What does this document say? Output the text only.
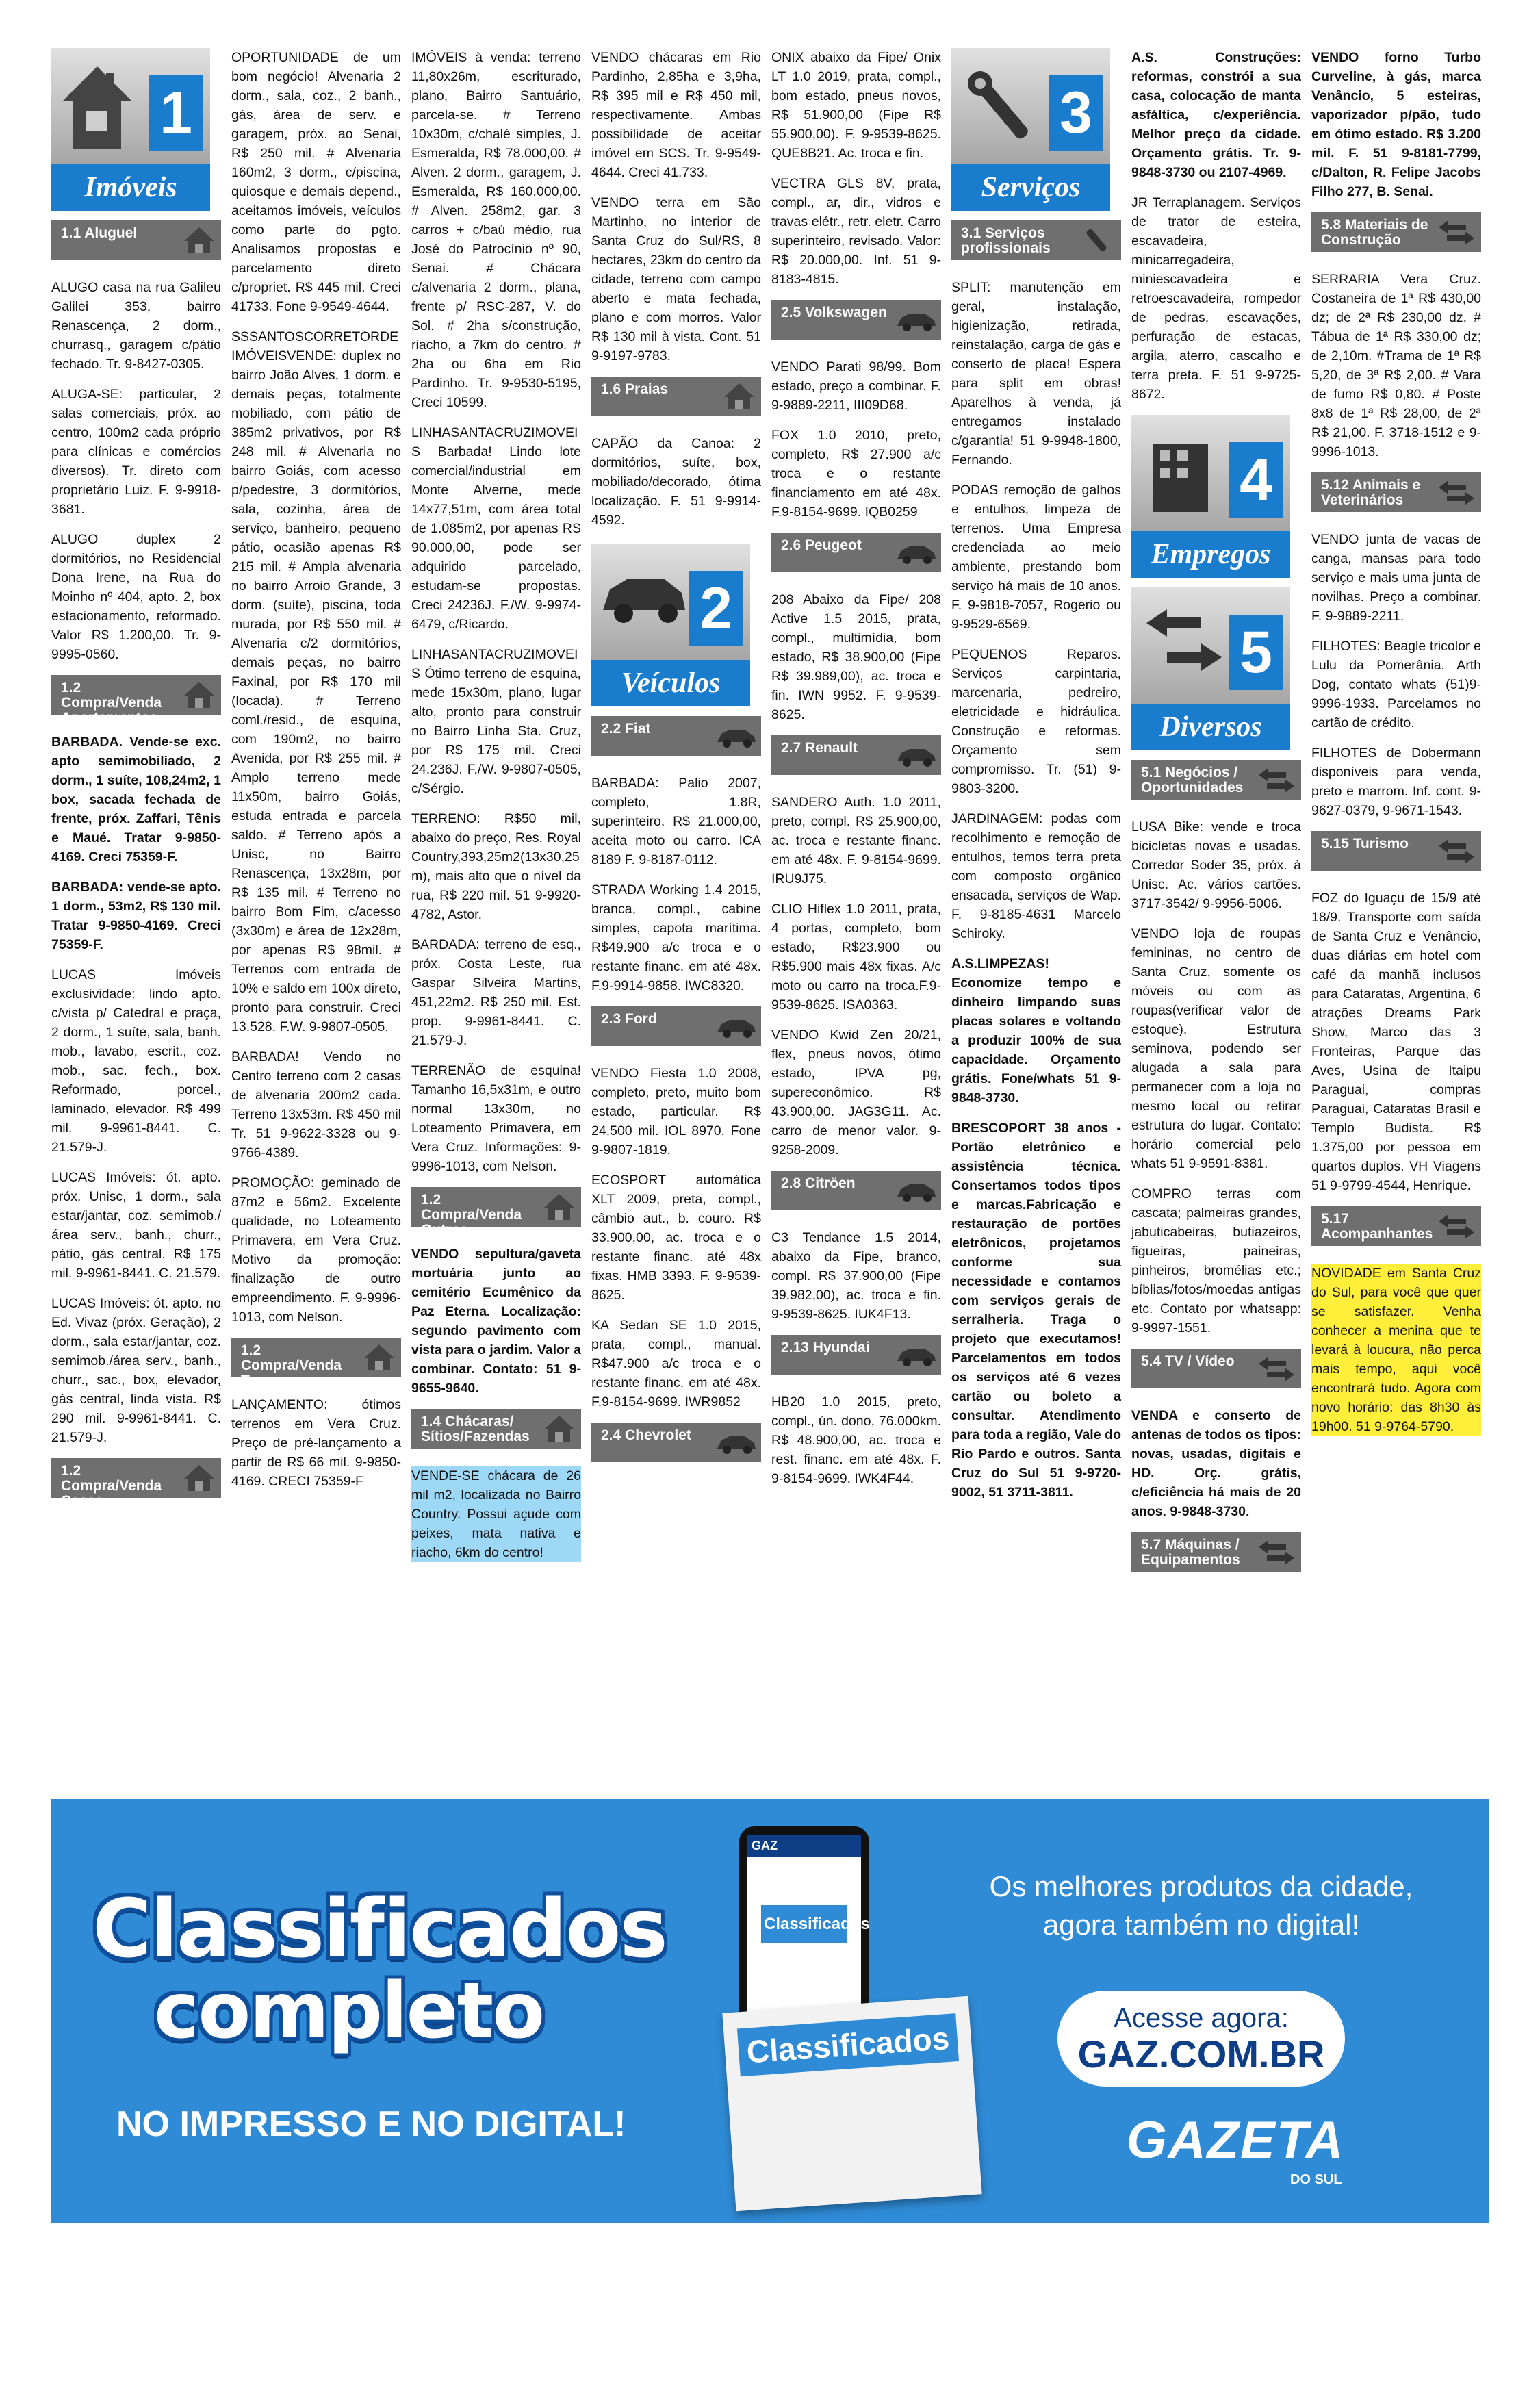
1
Imóveis
1.1 Aluguel

ALUGO casa na rua Galileu Galilei 353, bairro Renascença, 2 dorm., churrasq., garagem c/pátio fechado. Tr. 9-8427-0305.

ALUGA-SE: particular, 2 salas comerciais, próx. ao centro, 100m2 cada próprio para clínicas e comércios diversos). Tr. direto com proprietário Luiz. F. 9-9918-3681.

ALUGO duplex 2 dormitórios, no Residencial Dona Irene, na Rua do Moinho nº 404, apto. 2, box estacionamento, reformado. Valor R$ 1.200,00. Tr. 9-9995-0560.

1.2 Compra/Venda Apartamentos

BARBADA. Vende-se exc. apto semimobiliado, 2 dorm., 1 suíte, 108,24m2, 1 box, sacada fechada de frente, próx. Zaffari, Tênis e Maué. Tratar 9-9850-4169. Creci 75359-F.

BARBADA: vende-se apto. 1 dorm., 53m2, R$ 130 mil. Tratar 9-9850-4169. Creci 75359-F.

LUCAS Imóveis exclusividade: lindo apto. c/vista p/ Catedral e praça, 2 dorm., 1 suíte, sala, banh. mob., lavabo, escrit., coz. mob., sac. fech., box. Reformado, porcel., laminado, elevador. R$ 499 mil. 9-9961-8441. C. 21.579-J.

LUCAS Imóveis: ót. apto. próx. Unisc, 1 dorm., sala estar/jantar, coz. semimob./área serv., banh., churr., pátio, gás central. R$ 175 mil. 9-9961-8441. C. 21.579.

LUCAS Imóveis: ót. apto. no Ed. Vivaz (próx. Geração), 2 dorm., sala estar/jantar, coz. semimob./área serv., banh., churr., sac., box, elevador, gás central, linda vista. R$ 290 mil. 9-9961-8441. C. 21.579-J.

1.2 Compra/Venda Casas

OPORTUNIDADE de um bom negócio! Alvenaria 2 dorm., sala, coz., 2 banh., gás, área de serv. e garagem, próx. ao Senai, R$ 250 mil. # Alvenaria 160m2, 3 dorm., c/piscina, quiosque e demais depend., aceitamos imóveis, veículos como parte do pgto. Analisamos propostas e parcelamento direto c/propriet. R$ 445 mil. Creci 41733. Fone 9-9549-4644.

SSSANTOSCORRETORDEIMÓVEISVENDE: duplex no bairro João Alves, 1 dorm. e demais peças, totalmente mobiliado, com pátio de 385m2 privativos, por R$ 248 mil. # Alvenaria no bairro Goiás, com acesso p/pedestre, 3 dormitórios, sala, cozinha, área de serviço, banheiro, pequeno pátio, ocasião apenas R$ 215 mil. # Ampla alvenaria no bairro Arroio Grande, 3 dorm. (suíte), piscina, toda murada, por R$ 550 mil. # Alvenaria c/2 dormitórios, demais peças, no bairro Faxinal, por R$ 170 mil (locada). # Terreno coml./resid., de esquina, com 190m2, no bairro Avenida, por R$ 255 mil. # Amplo terreno mede 11x50m, bairro Goiás, estuda entrada e parcela saldo. # Terreno após a Unisc, no Bairro Renascença, 13x28m, por R$ 135 mil. # Terreno no bairro Bom Fim, c/acesso (3x30m) e área de 12x28m, por apenas R$ 98mil. # Terrenos com entrada de 10% e saldo em 100x direto, pronto para construir. Creci 13.528. F.W. 9-9807-0505.

BARBADA! Vendo no Centro terreno com 2 casas de alvenaria 200m2 cada. Terreno 13x53m. R$ 450 mil Tr. 51 9-9622-3328 ou 9-9766-4389.

PROMOÇÃO: geminado de 87m2 e 56m2. Excelente qualidade, no Loteamento Primavera, em Vera Cruz. Motivo da promoção: finalização de outro empreendimento. F. 9-9996-1013, com Nelson.

1.2 Compra/Venda Terrenos

LANÇAMENTO: ótimos terrenos em Vera Cruz. Preço de pré-lançamento a partir de R$ 66 mil. 9-9850-4169. CRECI 75359-F

IMÓVEIS à venda: terreno 11,80x26m, escriturado, plano, Bairro Santuário, parcela-se. # Terreno 10x30m, c/chalé simples, J. Esmeralda, R$ 78.000,00. # Alven. 2 dorm., garagem, J. Esmeralda, R$ 160.000,00. # Alven. 258m2, gar. 3 carros + c/baú médio, rua José do Patrocínio nº 90, Senai. # Chácara c/alvenaria 2 dorm., plana, frente p/ RSC-287, V. do Sol. # 2ha s/construção, riacho, a 7km do centro. # 2ha ou 6ha em Rio Pardinho. Tr. 9-9530-5195, Creci 10599.

LINHASANTACRUZIMOVEIS Barbada! Lindo lote comercial/industrial em Monte Alverne, mede 14x77,51m, com área total de 1.085m2, por apenas RS 90.000,00, pode ser adquirido parcelado, estudam-se propostas. Creci 24236J. F./W. 9-9974-6479, c/Ricardo.

LINHASANTACRUZIMOVEIS Ótimo terreno de esquina, mede 15x30m, plano, lugar alto, pronto para construir no Bairro Linha Sta. Cruz, por R$ 175 mil. Creci 24.236J. F./W. 9-9807-0505, c/Sérgio.

TERRENO: R$50 mil, abaixo do preço, Res. Royal Country,393,25m2(13x30,25m), mais alto que o nível da rua, R$ 220 mil. 51 9-9920-4782, Astor.

BARDADA: terreno de esq., próx. Costa Leste, rua Gaspar Silveira Martins, 451,22m2. R$ 250 mil. Est. prop. 9-9961-8441. C. 21.579-J.

TERRENÃO de esquina! Tamanho 16,5x31m, e outro normal 13x30m, no Loteamento Primavera, em Vera Cruz. Informações: 9-9996-1013, com Nelson.

1.2 Compra/Venda Outros

VENDO sepultura/gaveta mortuária junto ao cemitério Ecumênico da Paz Eterna. Localização: segundo pavimento com vista para o jardim. Valor a combinar. Contato: 51 9-9655-9640.

1.4 Chácaras/ Sítios/Fazendas

VENDE-SE chácara de 26 mil m2, localizada no Bairro Country. Possui açude com peixes, mata nativa e riacho, 6km do centro!

VENDO chácaras em Rio Pardinho, 2,85ha e 3,9ha, R$ 395 mil e R$ 450 mil, respectivamente. Ambas possibilidade de aceitar imóvel em SCS. Tr. 9-9549-4644. Creci 41.733.

VENDO terra em São Martinho, no interior de Santa Cruz do Sul/RS, 8 hectares, 23km do centro da cidade, terreno com campo aberto e mata fechada, plano e com morros. Valor R$ 130 mil à vista. Cont. 51 9-9197-9783.

1.6 Praias

CAPÃO da Canoa: 2 dormitórios, suíte, box, mobiliado/decorado, ótima localização. F. 51 9-9914-4592.

2
Veículos
2.2 Fiat

BARBADA: Palio 2007, completo, 1.8R, superinteiro. R$ 21.000,00, aceita moto ou carro. ICA 8189 F. 9-8187-0112.

STRADA Working 1.4 2015, branca, compl., cabine simples, capota marítima. R$49.900 a/c troca e o restante financ. em até 48x. F.9-9914-9858. IWC8320.

2.3 Ford

VENDO Fiesta 1.0 2008, completo, preto, muito bom estado, particular. R$ 24.500 mil. IOL 8970. Fone 9-9807-1819.

ECOSPORT automática XLT 2009, preta, compl., câmbio aut., b. couro. R$ 33.900,00, ac. troca e o restante financ. até 48x fixas. HMB 3393. F. 9-9539-8625.

KA Sedan SE 1.0 2015, prata, compl., manual. R$47.900 a/c troca e o restante financ. em até 48x. F.9-8154-9699. IWR9852

2.4 Chevrolet

ONIX abaixo da Fipe/ Onix LT 1.0 2019, prata, compl., bom estado, pneus novos, R$ 51.900,00 (Fipe R$ 55.900,00). F. 9-9539-8625. QUE8B21. Ac. troca e fin.

VECTRA GLS 8V, prata, compl., ar, dir., vidros e travas elétr., retr. eletr. Carro superinteiro, revisado. Valor: R$ 20.000,00. Inf. 51 9-8183-4815.

2.5 Volkswagen

VENDO Parati 98/99. Bom estado, preço a combinar. F. 9-9889-2211, III09D68.

FOX 1.0 2010, preto, completo, R$ 27.900 a/c troca e o restante financiamento em até 48x. F.9-8154-9699. IQB0259

2.6 Peugeot

208 Abaixo da Fipe/ 208 Active 1.5 2015, prata, compl., multimídia, bom estado, R$ 38.900,00 (Fipe R$ 39.989,00), ac. troca e fin. IWN 9952. F. 9-9539-8625.

2.7 Renault

SANDERO Auth. 1.0 2011, preto, compl. R$ 25.900,00, ac. troca e restante financ. em até 48x. F. 9-8154-9699. IRU9J75.

CLIO Hiflex 1.0 2011, prata, 4 portas, completo, bom estado, R$23.900 ou R$5.900 mais 48x fixas. A/c moto ou carro na troca.F.9-9539-8625. ISA0363.

VENDO Kwid Zen 20/21, flex, pneus novos, ótimo estado, IPVA pg, supereconômico. R$ 43.900,00. JAG3G11. Ac. carro de menor valor. 9-9258-2009.

2.8 Citröen

C3 Tendance 1.5 2014, abaixo da Fipe, branco, compl. R$ 37.900,00 (Fipe 39.982,00), ac. troca e fin. 9-9539-8625. IUK4F13.

2.13 Hyundai

HB20 1.0 2015, preto, compl., ún. dono, 76.000km. R$ 48.900,00, ac. troca e rest. financ. em até 48x. F. 9-8154-9699. IWK4F44.

3
Serviços
3.1 Serviços profissionais

SPLIT: manutenção em geral, instalação, higienização, retirada, reinstalação, carga de gás e conserto de placa! Espera para split em obras! Aparelhos à venda, já entregamos instalado c/garantia! 51 9-9948-1800, Fernando.

PODAS remoção de galhos e entulhos, limpeza de terrenos. Uma Empresa credenciada ao meio ambiente, prestando bom serviço há mais de 10 anos. F. 9-9818-7057, Rogerio ou 9-9529-6569.

PEQUENOS Reparos. Serviços carpintaria, marcenaria, pedreiro, eletricidade e hidráulica. Construção e reformas. Orçamento sem compromisso. Tr. (51) 9-9803-3200.

JARDINAGEM: podas com recolhimento e remoção de entulhos, temos terra preta com composto orgânico ensacada, serviços de Wap. F. 9-8185-4631 Marcelo Schiroky.

A.S.LIMPEZAS! Economize tempo e dinheiro limpando suas placas solares e voltando a produzir 100% de sua capacidade. Orçamento grátis. Fone/whats 51 9-9848-3730.

BRESCOPORT 38 anos - Portão eletrônico e assistência técnica. Consertamos todos tipos e marcas.Fabricação e restauração de portões eletrônicos, projetamos conforme sua necessidade e contamos com serviços gerais de serralheria. Traga o projeto que executamos! Parcelamentos em todos os serviços até 6 vezes cartão ou boleto a consultar. Atendimento para toda a região, Vale do Rio Pardo e outros. Santa Cruz do Sul 51 9-9720-9002, 51 3711-3811.

A.S. Construções: reformas, constrói a sua casa, colocação de manta asfáltica, c/experiência. Melhor preço da cidade. Orçamento grátis. Tr. 9-9848-3730 ou 2107-4969.

JR Terraplanagem. Serviços de trator de esteira, escavadeira, minicarregadeira, miniescavadeira e retroescavadeira, rompedor de pedras, escavações, perfuração de estacas, argila, aterro, cascalho e terra preta. F. 51 9-9725-8672.

4
Empregos
5
Diversos
5.1 Negócios / Oportunidades

LUSA Bike: vende e troca bicicletas novas e usadas. Corredor Soder 35, próx. à Unisc. Ac. vários cartões. 3717-3542/ 9-9956-5006.

VENDO loja de roupas femininas, no centro de Santa Cruz, somente os móveis ou com as roupas(verificar valor de estoque). Estrutura seminova, podendo ser alugada a sala para permanecer com a loja no mesmo local ou retirar estrutura do lugar. Contato: horário comercial pelo whats 51 9-9591-8381.

COMPRO terras com cascata; palmeiras grandes, jabuticabeiras, butiazeiros, figueiras, paineiras, pinheiros, bromélias etc.; bíblias/fotos/moedas antigas etc. Contato por whatsapp: 9-9997-1551.

5.4 TV / Vídeo

VENDA e conserto de antenas de todos os tipos: novas, usadas, digitais e HD. Orç. grátis, c/eficiência há mais de 20 anos. 9-9848-3730.

5.7 Máquinas / Equipamentos

VENDO forno Turbo Curveline, à gás, marca Venâncio, 5 esteiras, vaporizador p/pão, tudo em ótimo estado. R$ 3.200 mil. F. 51 9-8181-7799, c/Dalton, R. Felipe Jacobs Filho 277, B. Senai.

5.8 Materiais de Construção

SERRARIA Vera Cruz. Costaneira de 1ª R$ 430,00 dz; de 2ª R$ 230,00 dz. # Tábua de 1ª R$ 330,00 dz; de 2,10m. #Trama de 1ª R$ 5,20, de 3ª R$ 2,00. # Vara de fumo R$ 0,80. # Poste 8x8 de 1ª R$ 28,00, de 2ª R$ 21,00. F. 3718-1512 e 9-9996-1013.

5.12 Animais e Veterinários

VENDO junta de vacas de canga, mansas para todo serviço e mais uma junta de novilhas. Preço a combinar. F. 9-9889-2211.

FILHOTES: Beagle tricolor e Lulu da Pomerânia. Arth Dog, contato whats (51)9-9996-1933. Parcelamos no cartão de crédito.

FILHOTES de Dobermann disponíveis para venda, preto e marrom. Inf. cont. 9-9627-0379, 9-9671-1543.

5.15 Turismo

FOZ do Iguaçu de 15/9 até 18/9. Transporte com saída de Santa Cruz e Venâncio, duas diárias em hotel com café da manhã inclusos para Cataratas, Argentina, 6 atrações Dreams Park Show, Marco das 3 Fronteiras, Parque das Aves, Usina de Itaipu Paraguai, compras Paraguai, Cataratas Brasil e Templo Budista. R$ 1.375,00 por pessoa em quartos duplos. VH Viagens 51 9-9799-4544, Henrique.

5.17 Acompanhantes

NOVIDADE em Santa Cruz do Sul, para você que quer se satisfazer. Venha conhecer a menina que te levará à loucura, não perca mais tempo, aqui você encontrará tudo. Agora com novo horário: das 8h30 às 19h00. 51 9-9764-5790.

Classificados
completo
NO IMPRESSO E NO DIGITAL!
GAZ
Classificados
Classificados
Os melhores produtos da cidade,
agora também no digital!
Acesse agora:
GAZ.COM.BR
GAZETA
DO SUL
